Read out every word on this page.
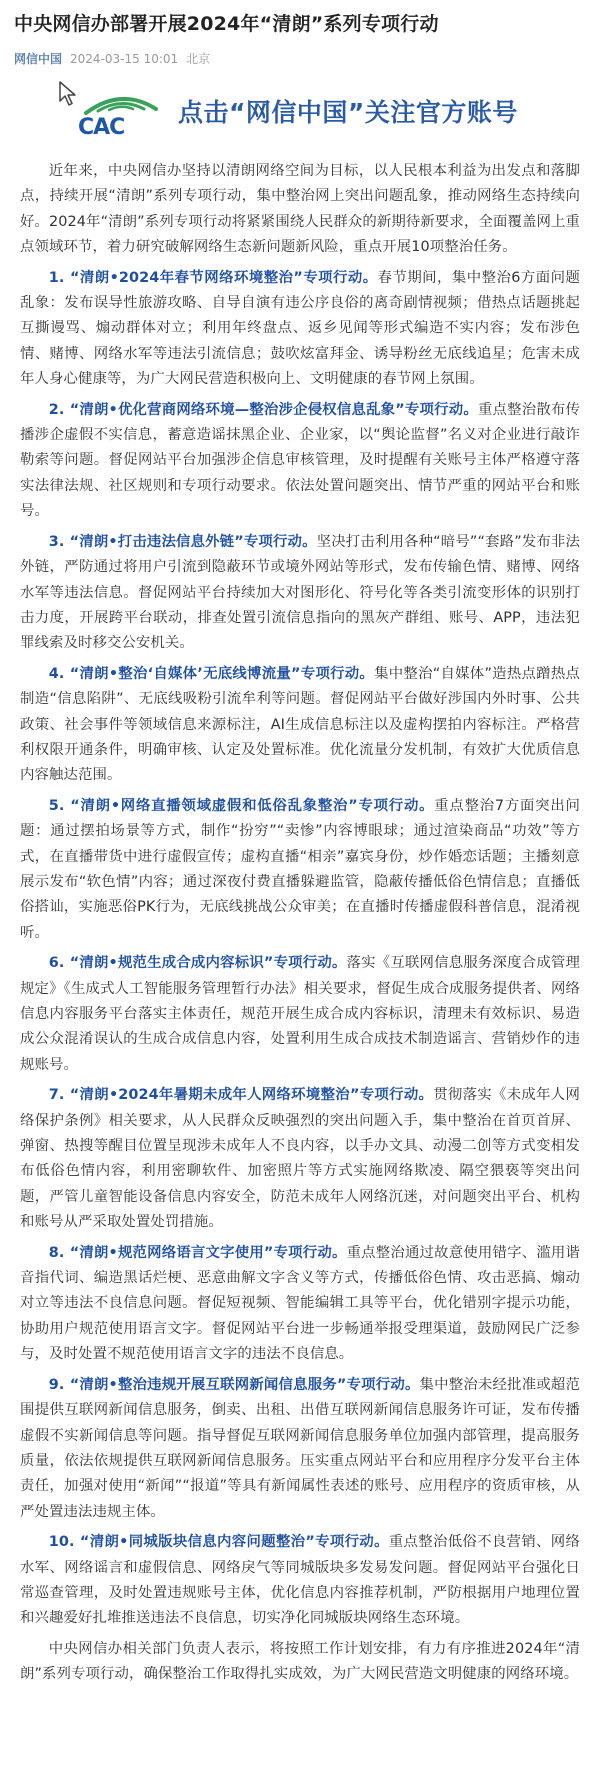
中央网信办部署开展2024年“清朗”系列专项行动
网信中国 2024-03-15 10:01 北京
CAC
点击“网信中国”关注官方账号

近年来，中央网信办坚持以清朗网络空间为目标，以人民根本利益为出发点和落脚点，持续开展“清朗”系列专项行动，集中整治网上突出问题乱象，推动网络生态持续向好。2024年“清朗”系列专项行动将紧紧围绕人民群众的新期待新要求，全面覆盖网上重点领域环节，着力研究破解网络生态新问题新风险，重点开展10项整治任务。

1. “清朗•2024年春节网络环境整治”专项行动。春节期间，集中整治6方面问题乱象：发布误导性旅游攻略、自导自演有违公序良俗的离奇剧情视频；借热点话题挑起互撕谩骂、煽动群体对立；利用年终盘点、返乡见闻等形式编造不实内容；发布涉色情、赌博、网络水军等违法引流信息；鼓吹炫富拜金、诱导粉丝无底线追星；危害未成年人身心健康等，为广大网民营造积极向上、文明健康的春节网上氛围。

2. “清朗•优化营商网络环境—整治涉企侵权信息乱象”专项行动。重点整治散布传播涉企虚假不实信息，蓄意造谣抹黑企业、企业家，以“舆论监督”名义对企业进行敲诈勒索等问题。督促网站平台加强涉企信息审核管理，及时提醒有关账号主体严格遵守落实法律法规、社区规则和专项行动要求。依法处置问题突出、情节严重的网站平台和账号。

3. “清朗•打击违法信息外链”专项行动。坚决打击利用各种“暗号”“套路”发布非法外链，严防通过将用户引流到隐蔽环节或境外网站等形式，发布传输色情、赌博、网络水军等违法信息。督促网站平台持续加大对图形化、符号化等各类引流变形体的识别打击力度，开展跨平台联动，排查处置引流信息指向的黑灰产群组、账号、APP，违法犯罪线索及时移交公安机关。

4. “清朗•整治‘自媒体’无底线博流量”专项行动。集中整治“自媒体”造热点蹭热点制造“信息陷阱”、无底线吸粉引流牟利等问题。督促网站平台做好涉国内外时事、公共政策、社会事件等领域信息来源标注，AI生成信息标注以及虚构摆拍内容标注。严格营利权限开通条件，明确审核、认定及处置标准。优化流量分发机制，有效扩大优质信息内容触达范围。

5. “清朗•网络直播领域虚假和低俗乱象整治”专项行动。重点整治7方面突出问题：通过摆拍场景等方式，制作“扮穷”“卖惨”内容博眼球；通过渲染商品“功效”等方式，在直播带货中进行虚假宣传；虚构直播“相亲”嘉宾身份，炒作婚恋话题；主播刻意展示发布“软色情”内容；通过深夜付费直播躲避监管，隐蔽传播低俗色情信息；直播低俗搭讪，实施恶俗PK行为，无底线挑战公众审美；在直播时传播虚假科普信息，混淆视听。

6. “清朗•规范生成合成内容标识”专项行动。落实《互联网信息服务深度合成管理规定》《生成式人工智能服务管理暂行办法》相关要求，督促生成合成服务提供者、网络信息内容服务平台落实主体责任，规范开展生成合成内容标识，清理未有效标识、易造成公众混淆误认的生成合成信息内容，处置利用生成合成技术制造谣言、营销炒作的违规账号。

7. “清朗•2024年暑期未成年人网络环境整治”专项行动。贯彻落实《未成年人网络保护条例》相关要求，从人民群众反映强烈的突出问题入手，集中整治在首页首屏、弹窗、热搜等醒目位置呈现涉未成年人不良内容，以手办文具、动漫二创等方式变相发布低俗色情内容，利用密聊软件、加密照片等方式实施网络欺凌、隔空猥亵等突出问题，严管儿童智能设备信息内容安全，防范未成年人网络沉迷，对问题突出平台、机构和账号从严采取处置处罚措施。

8. “清朗•规范网络语言文字使用”专项行动。重点整治通过故意使用错字、滥用谐音指代词、编造黑话烂梗、恶意曲解文字含义等方式，传播低俗色情、攻击恶搞、煽动对立等违法不良信息问题。督促短视频、智能编辑工具等平台，优化错别字提示功能，协助用户规范使用语言文字。督促网站平台进一步畅通举报受理渠道，鼓励网民广泛参与，及时处置不规范使用语言文字的违法不良信息。

9. “清朗•整治违规开展互联网新闻信息服务”专项行动。集中整治未经批准或超范围提供互联网新闻信息服务，倒卖、出租、出借互联网新闻信息服务许可证，发布传播虚假不实新闻信息等问题。指导督促互联网新闻信息服务单位加强内部管理，提高服务质量，依法依规提供互联网新闻信息服务。压实重点网站平台和应用程序分发平台主体责任，加强对使用“新闻”“报道”等具有新闻属性表述的账号、应用程序的资质审核，从严处置违法违规主体。

10. “清朗•同城版块信息内容问题整治”专项行动。重点整治低俗不良营销、网络水军、网络谣言和虚假信息、网络戾气等同城版块多发易发问题。督促网站平台强化日常巡查管理，及时处置违规账号主体，优化信息内容推荐机制，严防根据用户地理位置和兴趣爱好扎堆推送违法不良信息，切实净化同城版块网络生态环境。

中央网信办相关部门负责人表示，将按照工作计划安排，有力有序推进2024年“清朗”系列专项行动，确保整治工作取得扎实成效，为广大网民营造文明健康的网络环境。
